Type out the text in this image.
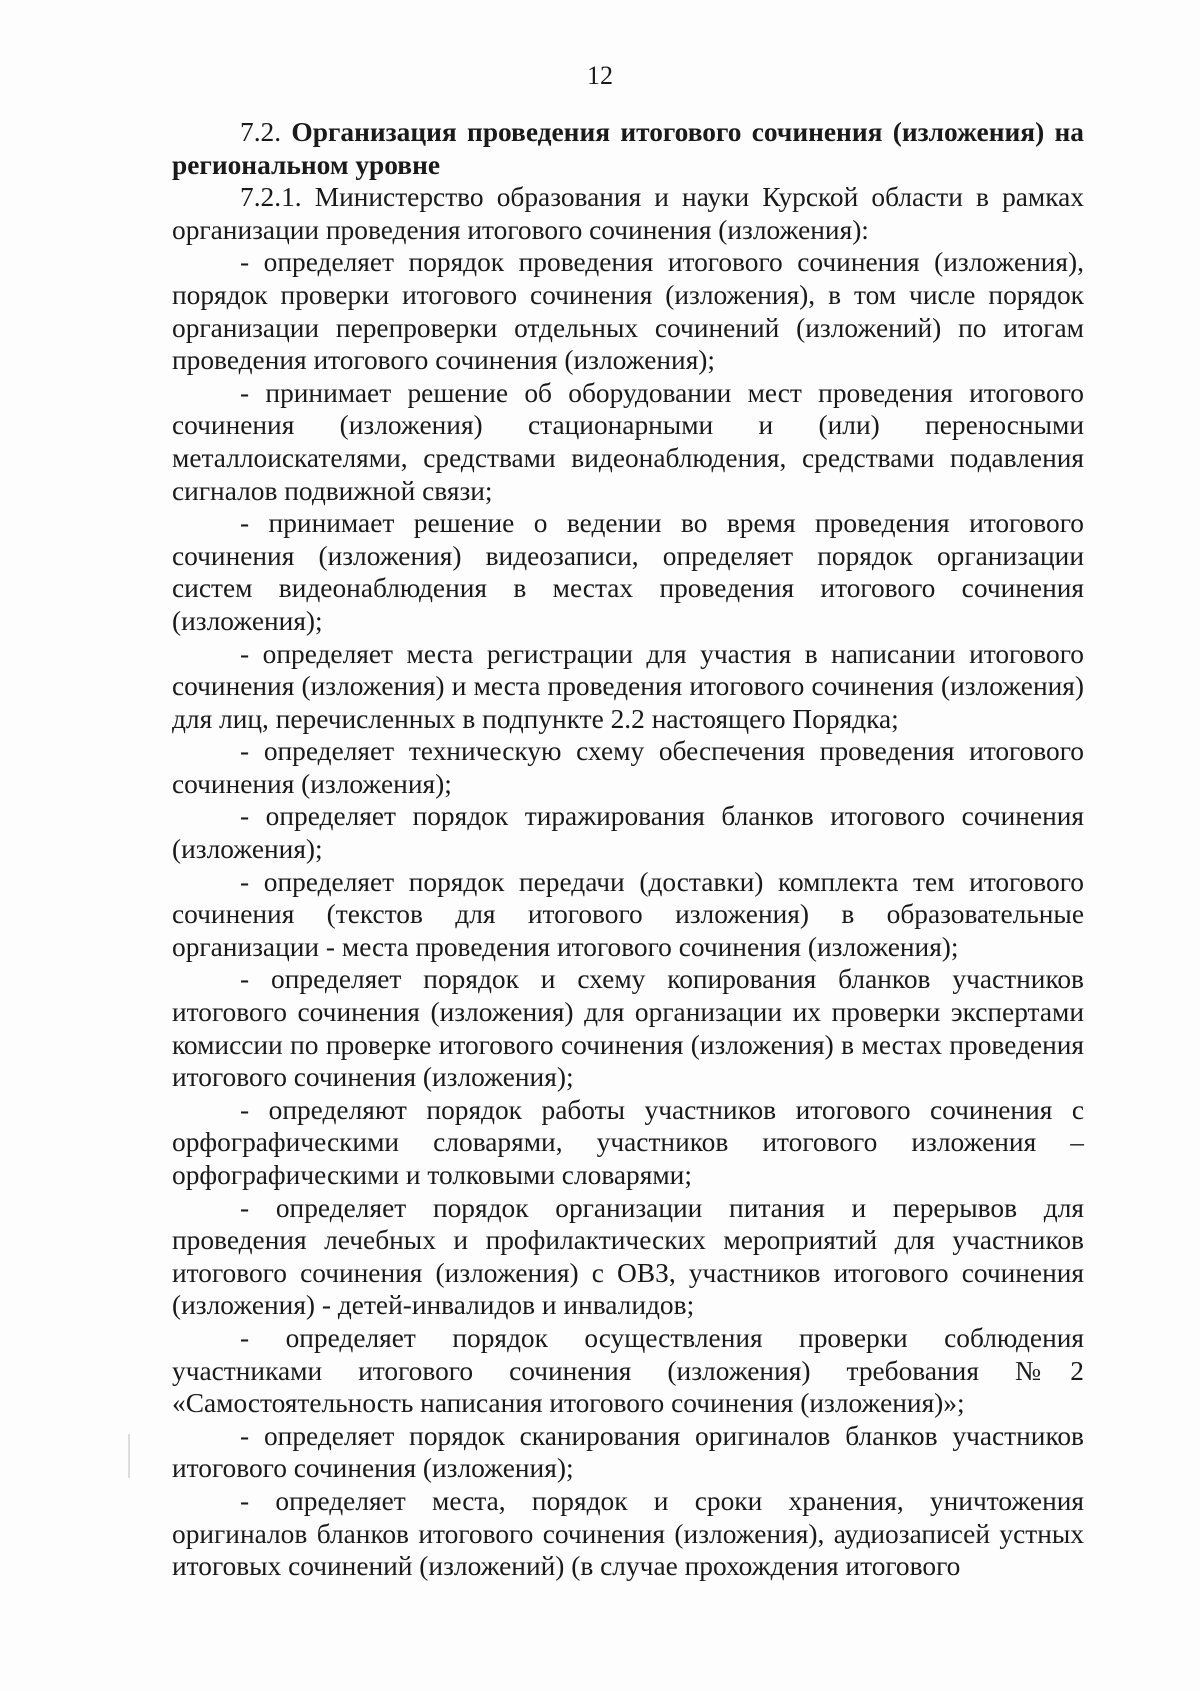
12

7.2. Организация проведения итогового сочинения (изложения) на региональном уровне

7.2.1. Министерство образования и науки Курской области в рамках организации проведения итогового сочинения (изложения):

- определяет порядок проведения итогового сочинения (изложения), порядок проверки итогового сочинения (изложения), в том числе порядок организации перепроверки отдельных сочинений (изложений) по итогам проведения итогового сочинения (изложения);

- принимает решение об оборудовании мест проведения итогового сочинения (изложения) стационарными и (или) переносными металлоискателями, средствами видеонаблюдения, средствами подавления сигналов подвижной связи;

- принимает решение о ведении во время проведения итогового сочинения (изложения) видеозаписи, определяет порядок организации систем видеонаблюдения в местах проведения итогового сочинения (изложения);

- определяет места регистрации для участия в написании итогового сочинения (изложения) и места проведения итогового сочинения (изложения) для лиц, перечисленных в подпункте 2.2 настоящего Порядка;

- определяет техническую схему обеспечения проведения итогового сочинения (изложения);

- определяет порядок тиражирования бланков итогового сочинения (изложения);

- определяет порядок передачи (доставки) комплекта тем итогового сочинения (текстов для итогового изложения) в образовательные организации - места проведения итогового сочинения (изложения);

- определяет порядок и схему копирования бланков участников итогового сочинения (изложения) для организации их проверки экспертами комиссии по проверке итогового сочинения (изложения) в местах проведения итогового сочинения (изложения);

- определяют порядок работы участников итогового сочинения с орфографическими словарями, участников итогового изложения – орфографическими и толковыми словарями;

- определяет порядок организации питания и перерывов для проведения лечебных и профилактических мероприятий для участников итогового сочинения (изложения) с ОВЗ, участников итогового сочинения (изложения) - детей-инвалидов и инвалидов;

- определяет порядок осуществления проверки соблюдения участниками итогового сочинения (изложения) требования №2 «Самостоятельность написания итогового сочинения (изложения)»;

- определяет порядок сканирования оригиналов бланков участников итогового сочинения (изложения);

- определяет места, порядок и сроки хранения, уничтожения оригиналов бланков итогового сочинения (изложения), аудиозаписей устных итоговых сочинений (изложений) (в случае прохождения итогового
